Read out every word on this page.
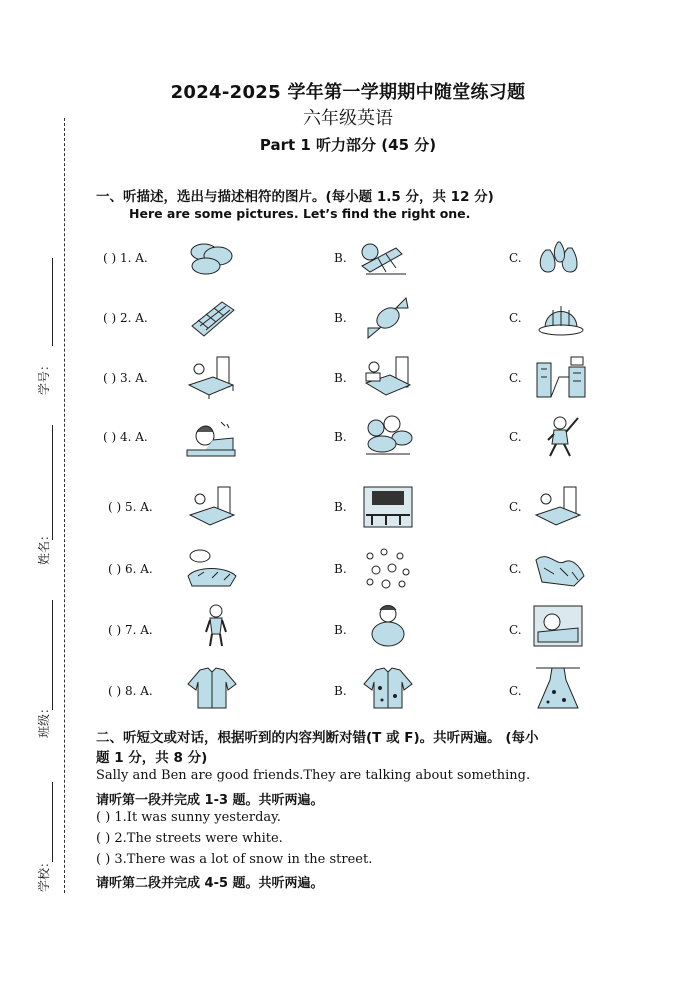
2024-2025 学年第一学期期中随堂练习题
六年级英语
Part 1 听力部分 (45 分)
学号：
姓名：
班级：
学校：
一、听描述，选出与描述相符的图片。(每小题 1.5 分，共 12 分)
Here are some pictures. Let’s find the right one.
( ) 1. A.	B.	C.
( ) 2. A.	B.	C.
( ) 3. A.	B.	C.
( ) 4. A.	B.	C.
( ) 5. A.	B.	C.
( ) 6. A.	B.	C.
( ) 7. A.	B.	C.
( ) 8. A.	B.	C.
二、听短文或对话，根据听到的内容判断对错(T 或 F)。共听两遍。 (每小
题 1 分，共 8 分)
Sally and Ben are good friends.They are talking about something.
请听第一段并完成 1-3 题。共听两遍。
( ) 1.It was sunny yesterday.
( ) 2.The streets were white.
( ) 3.There was a lot of snow in the street.
请听第二段并完成 4-5 题。共听两遍。
